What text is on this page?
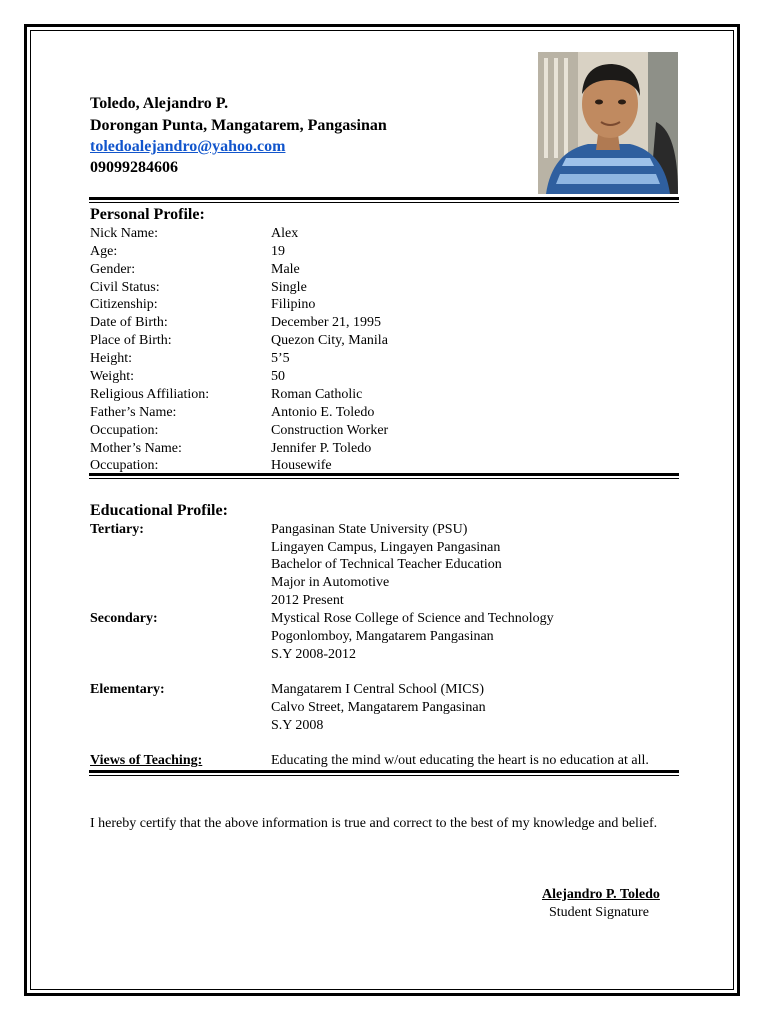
Toledo, Alejandro P.
Dorongan Punta, Mangatarem, Pangasinan
toledoalejandro@yahoo.com
09099284606
Personal Profile:
Nick Name:	Alex
Age:	19
Gender:	Male
Civil Status:	Single
Citizenship:	Filipino
Date of Birth:	December 21, 1995
Place of Birth:	Quezon City, Manila
Height:	5’5
Weight:	50
Religious Affiliation:	Roman Catholic
Father’s Name:	Antonio E. Toledo
Occupation:	Construction Worker
Mother’s Name:	Jennifer P. Toledo
Occupation:	Housewife
Educational Profile:
Tertiary:	Pangasinan State University (PSU)
Lingayen Campus, Lingayen Pangasinan
Bachelor of Technical Teacher Education
Major in Automotive
2012 Present
Secondary:	Mystical Rose College of Science and Technology
Pogonlomboy, Mangatarem Pangasinan
S.Y 2008-2012
Elementary:	Mangatarem I Central School (MICS)
Calvo Street, Mangatarem Pangasinan
S.Y 2008
Views of Teaching:	Educating the mind w/out educating the heart is no education at all.
I hereby certify that the above information is true and correct to the best of my knowledge and belief.
Alejandro P. Toledo
Student Signature
